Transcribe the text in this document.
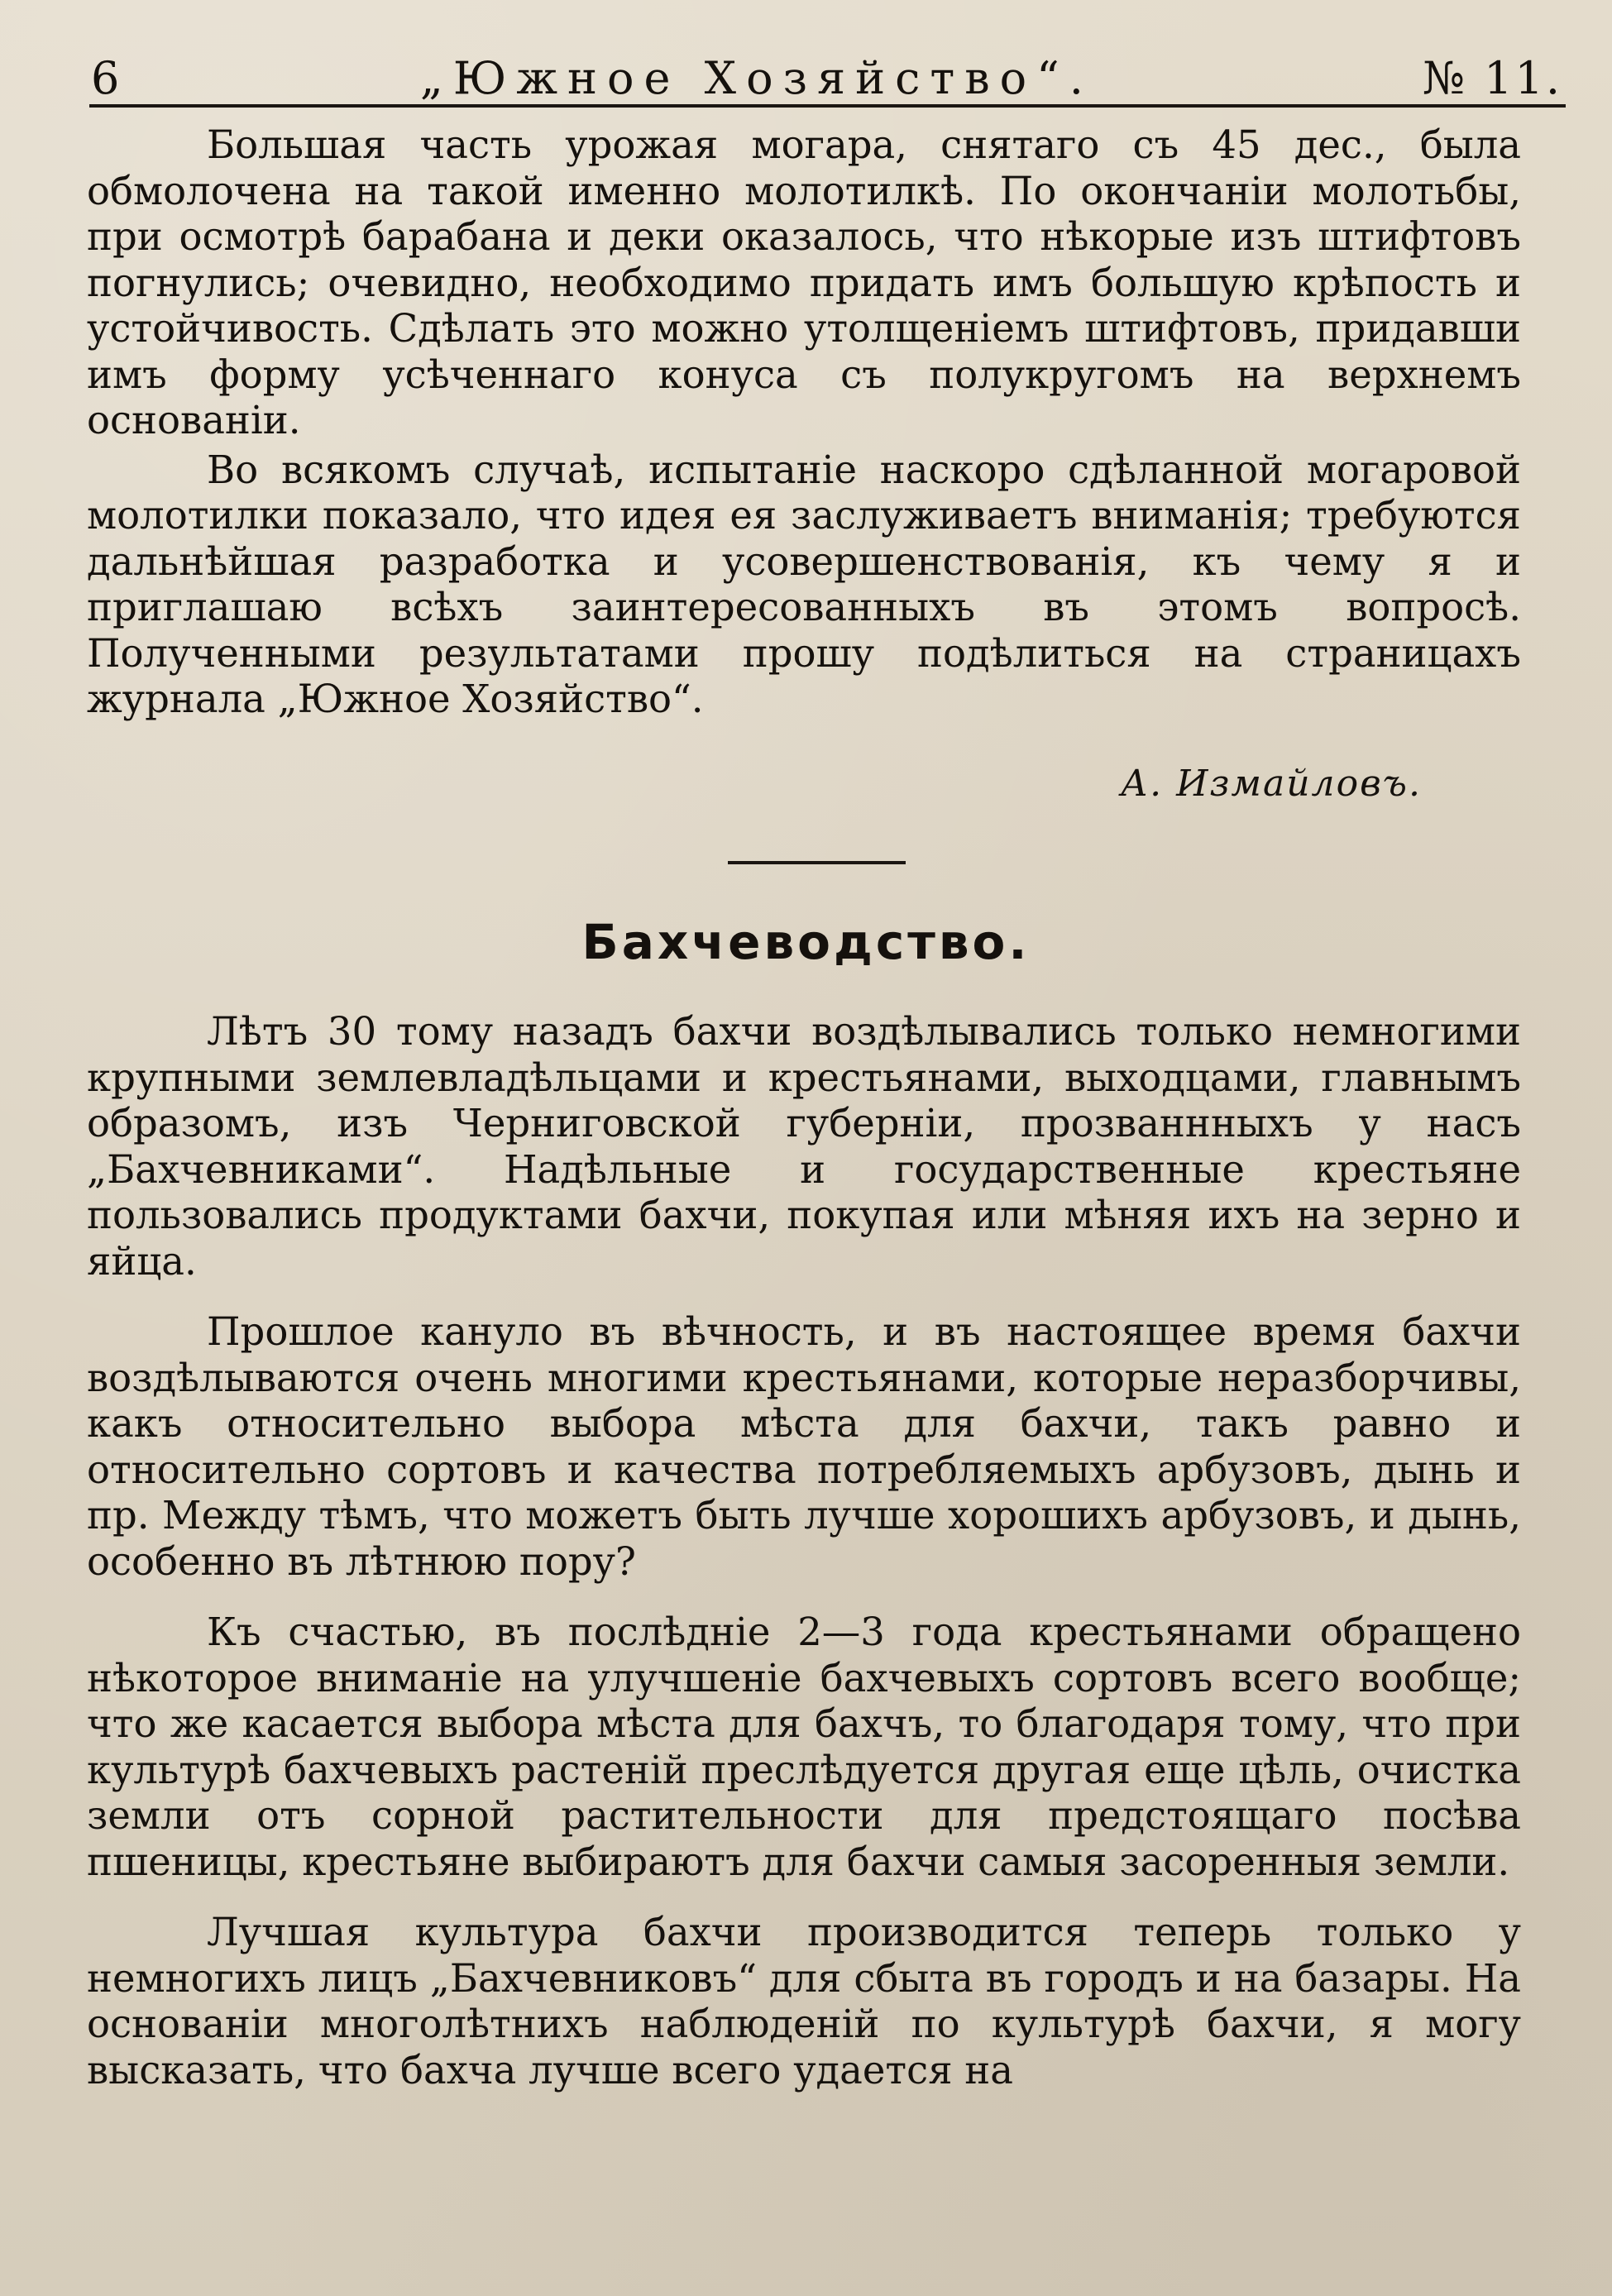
6	„Южное Хозяйство“.	№ 11.

Большая часть урожая могара, снятаго съ 45 дес., была обмолочена на такой именно молотилкѣ. По окончаніи молотьбы, при осмотрѣ барабана и деки оказалось, что нѣкорые изъ штифтовъ погнулись; очевидно, необходимо придать имъ большую крѣпость и устойчивость. Сдѣлать это можно утолщеніемъ штифтовъ, придавши имъ форму усѣченнаго конуса съ полукругомъ на верхнемъ основаніи.

Во всякомъ случаѣ, испытаніе наскоро сдѣланной могаровой молотилки показало, что идея ея заслуживаетъ вниманія; требуются дальнѣйшая разработка и усовершенствованія, къ чему я и приглашаю всѣхъ заинтересованныхъ въ этомъ вопросѣ. Полученными результатами прошу подѣлиться на страницахъ журнала „Южное Хозяйство“.

А. Измайловъ.
Бахчеводство.

Лѣтъ 30 тому назадъ бахчи воздѣлывались только немногими крупными землевладѣльцами и крестьянами, выходцами, главнымъ образомъ, изъ Черниговской губерніи, прозваннныхъ у насъ „Бахчевниками“. Надѣльные и государственные крестьяне пользовались продуктами бахчи, покупая или мѣняя ихъ на зерно и яйца.

Прошлое кануло въ вѣчность, и въ настоящее время бахчи воздѣлываются очень многими крестьянами, которые неразборчивы, какъ относительно выбора мѣста для бахчи, такъ равно и относительно сортовъ и качества потребляемыхъ арбузовъ, дынь и пр. Между тѣмъ, что можетъ быть лучше хорошихъ арбузовъ, и дынь, особенно въ лѣтнюю пору?

Къ счастью, въ послѣдніе 2—3 года крестьянами обращено нѣкоторое вниманіе на улучшеніе бахчевыхъ сортовъ всего вообще; что же касается выбора мѣста для бахчъ, то благодаря тому, что при культурѣ бахчевыхъ растеній преслѣдуется другая еще цѣль, очистка земли отъ сорной растительности для предстоящаго посѣва пшеницы, крестьяне выбираютъ для бахчи самыя засоренныя земли.

Лучшая культура бахчи производится теперь только у немногихъ лицъ „Бахчевниковъ“ для сбыта въ городъ и на базары. На основаніи многолѣтнихъ наблюденій по культурѣ бахчи, я могу высказать, что бахча лучше всего удается на
